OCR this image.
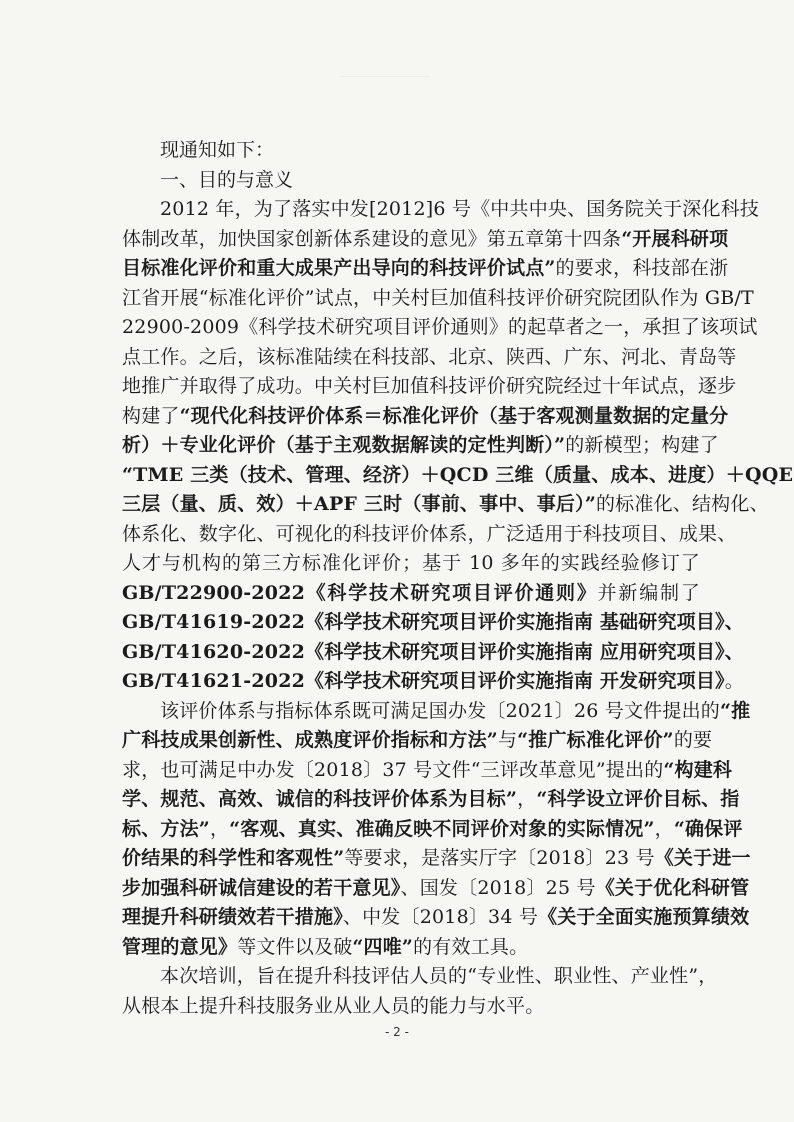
现通知如下：

一、目的与意义

2012 年，为了落实中发[2012]6 号《中共中央、国务院关于深化科技

体制改革，加快国家创新体系建设的意见》第五章第十四条“开展科研项

目标准化评价和重大成果产出导向的科技评价试点”的要求，科技部在浙

江省开展“标准化评价”试点，中关村巨加值科技评价研究院团队作为 GB/T

22900-2009《科学技术研究项目评价通则》的起草者之一，承担了该项试

点工作。之后，该标准陆续在科技部、北京、陕西、广东、河北、青岛等

地推广并取得了成功。中关村巨加值科技评价研究院经过十年试点，逐步

构建了“现代化科技评价体系＝标准化评价（基于客观测量数据的定量分

析）＋专业化评价（基于主观数据解读的定性判断）”的新模型；构建了

“TME 三类（技术、管理、经济）＋QCD 三维（质量、成本、进度）＋QQE

三层（量、质、效）＋APF 三时（事前、事中、事后）”的标准化、结构化、

体系化、数字化、可视化的科技评价体系，广泛适用于科技项目、成果、

人才与机构的第三方标准化评价；基于 10 多年的实践经验修订了

GB/T22900-2022《科学技术研究项目评价通则》并新编制了

GB/T41619-2022《科学技术研究项目评价实施指南 基础研究项目》、

GB/T41620-2022《科学技术研究项目评价实施指南 应用研究项目》、

GB/T41621-2022《科学技术研究项目评价实施指南 开发研究项目》。

该评价体系与指标体系既可满足国办发〔2021〕26 号文件提出的“推

广科技成果创新性、成熟度评价指标和方法”与“推广标准化评价”的要

求，也可满足中办发〔2018〕37 号文件“三评改革意见”提出的“构建科

学、规范、高效、诚信的科技评价体系为目标”，“科学设立评价目标、指

标、方法”，“客观、真实、准确反映不同评价对象的实际情况”，“确保评

价结果的科学性和客观性”等要求，是落实厅字〔2018〕23 号《关于进一

步加强科研诚信建设的若干意见》、国发〔2018〕25 号《关于优化科研管

理提升科研绩效若干措施》、中发〔2018〕34 号《关于全面实施预算绩效

管理的意见》等文件以及破“四唯”的有效工具。

本次培训，旨在提升科技评估人员的“专业性、职业性、产业性”，

从根本上提升科技服务业从业人员的能力与水平。

- 2 -
